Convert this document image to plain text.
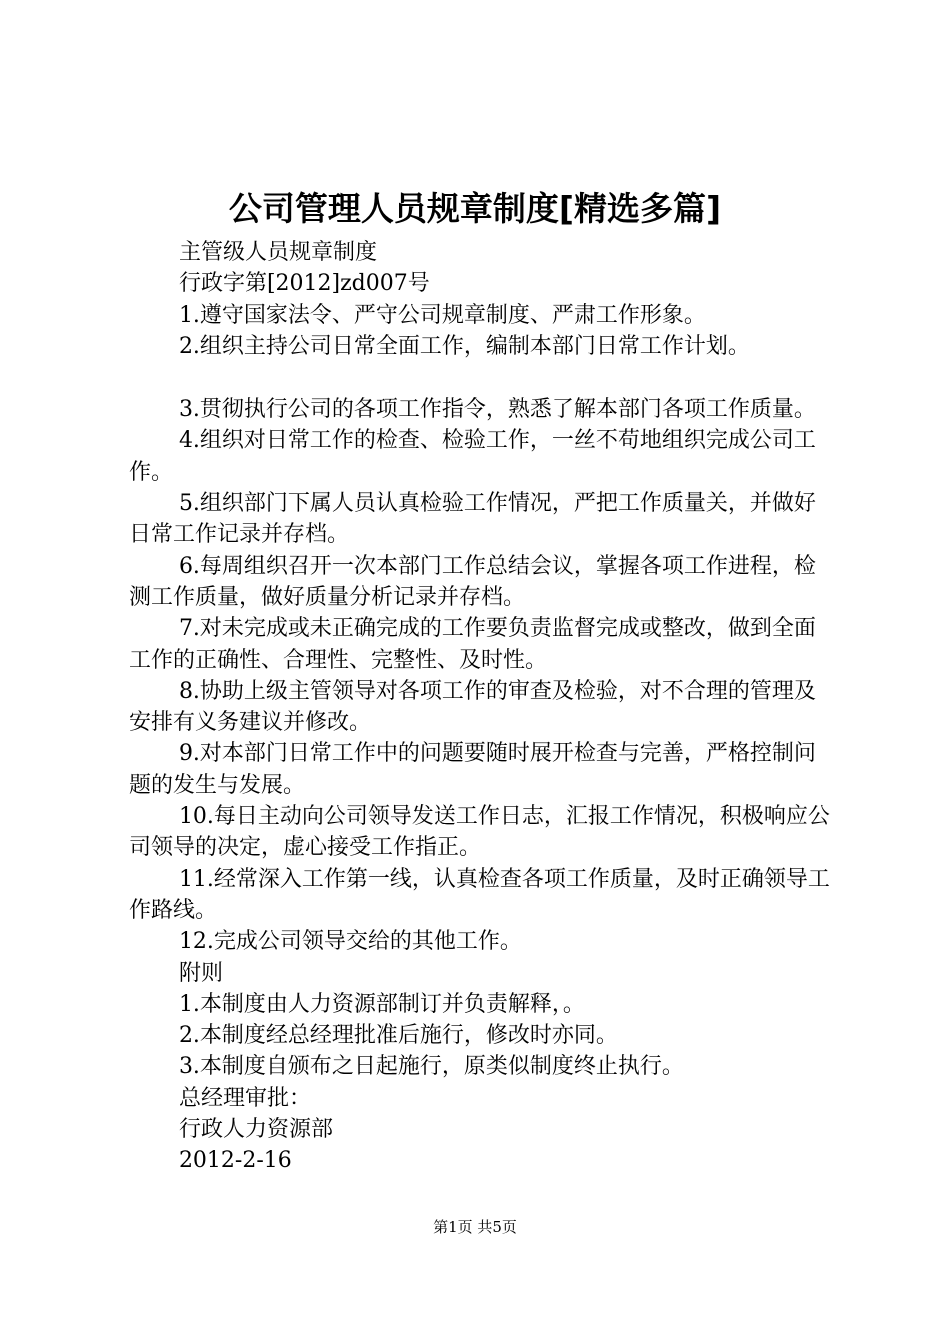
公司管理人员规章制度[精选多篇]

主管级人员规章制度

行政字第[2012]zd007号

1.遵守国家法令、严守公司规章制度、严肃工作形象。

2.组织主持公司日常全面工作，编制本部门日常工作计划。

3.贯彻执行公司的各项工作指令，熟悉了解本部门各项工作质量。

4.组织对日常工作的检查、检验工作，一丝不苟地组织完成公司工作。

5.组织部门下属人员认真检验工作情况，严把工作质量关，并做好日常工作记录并存档。

6.每周组织召开一次本部门工作总结会议，掌握各项工作进程，检测工作质量，做好质量分析记录并存档。

7.对未完成或未正确完成的工作要负责监督完成或整改，做到全面工作的正确性、合理性、完整性、及时性。

8.协助上级主管领导对各项工作的审查及检验，对不合理的管理及安排有义务建议并修改。

9.对本部门日常工作中的问题要随时展开检查与完善，严格控制问题的发生与发展。

10.每日主动向公司领导发送工作日志，汇报工作情况，积极响应公司领导的决定，虚心接受工作指正。

11.经常深入工作第一线，认真检查各项工作质量，及时正确领导工作路线。

12.完成公司领导交给的其他工作。

附则

1.本制度由人力资源部制订并负责解释，。

2.本制度经总经理批准后施行，修改时亦同。

3.本制度自颁布之日起施行，原类似制度终止执行。

总经理审批：

行政人力资源部

2012-2-16

第1页 共5页
